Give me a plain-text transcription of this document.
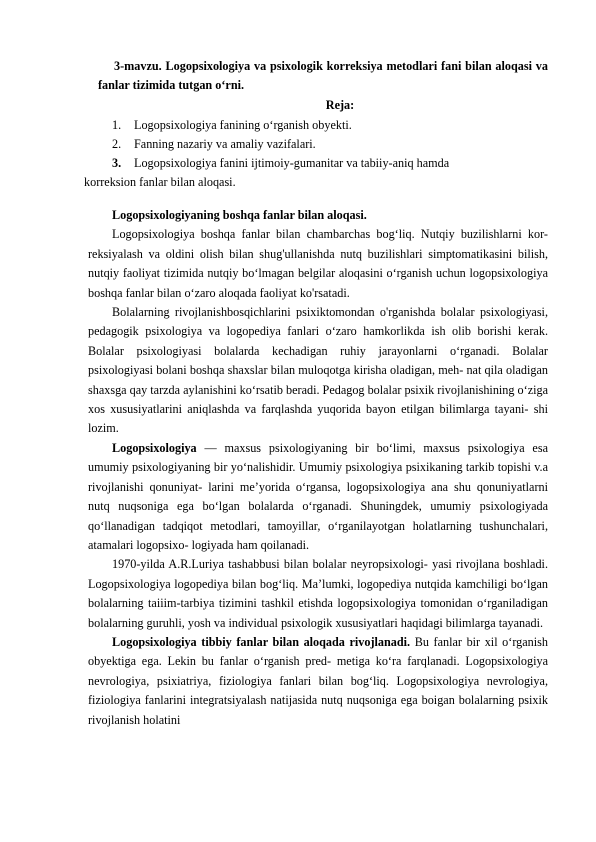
3-mavzu. Logopsixologiya va psixologik korreksiya metodlari fani bilan aloqasi va fanlar tizimida tutgan o‘rni.
Reja:
1.	Logopsixologiya fanining o‘rganish obyekti.
2.	Fanning nazariy va amaliy vazifalari.
3.	Logopsixologiya fanini ijtimoiy-gumanitar va tabiiy-aniq hamda
korreksion fanlar bilan aloqasi.

Logopsixologiyaning boshqa fanlar bilan aloqasi.

Logopsixologiya boshqa fanlar bilan chambarchas bog‘liq. Nutqiy buzilishlarni kor- reksiyalash va oldini olish bilan shug'ullanishda nutq buzilishlari simptomatikasini bilish, nutqiy faoliyat tizimida nutqiy bo‘lmagan belgilar aloqasini o‘rganish uchun logopsixologiya boshqa fanlar bilan o‘zaro aloqada faoliyat ko'rsatadi.

Bolalarning rivojlanishbosqichlarini psixiktomondan o'rganishda bolalar psixologiyasi, pedagogik psixologiya va logopediya fanlari o‘zaro hamkorlikda ish olib borishi kerak. Bolalar psixologiyasi bolalarda kechadigan ruhiy jarayonlarni o‘rganadi. Bolalar psixologiyasi bolani boshqa shaxslar bilan muloqotga kirisha oladigan, meh- nat qila oladigan shaxsga qay tarzda aylanishini ko‘rsatib beradi. Pedagog bolalar psixik rivojlanishining o‘ziga xos xususiyatlarini aniqlashda va farqlashda yuqorida bayon etilgan bilimlarga tayani- shi lozim.

Logopsixologiya — maxsus psixologiyaning bir bo‘limi, maxsus psixologiya esa umumiy psixologiyaning bir yo‘nalishidir. Umumiy psixologiya psixikaning tarkib topishi v.a rivojlanishi qonuniyat- larini me’yorida o‘rgansa, logopsixologiya ana shu qonuniyatlarni nutq nuqsoniga ega bo‘lgan bolalarda o‘rganadi. Shuningdek, umumiy psixologiyada qo‘llanadigan tadqiqot metodlari, tamoyillar, o‘rganilayotgan holatlarning tushunchalari, atamalari logopsixo- logiyada ham qoilanadi.

1970-yilda A.R.Luriya tashabbusi bilan bolalar neyropsixologi- yasi rivojlana boshladi. Logopsixologiya logopediya bilan bog‘liq. Ma’lumki, logopediya nutqida kamchiligi bo‘lgan bolalarning taiiim-tarbiya tizimini tashkil etishda logopsixologiya tomonidan o‘rganiladigan bolalarning guruhli, yosh va individual psixologik xususiyatlari haqidagi bilimlarga tayanadi.

Logopsixologiya tibbiy fanlar bilan aloqada rivojlanadi. Bu fanlar bir xil o‘rganish obyektiga ega. Lekin bu fanlar o‘rganish pred- metiga ko‘ra farqlanadi. Logopsixologiya nevrologiya, psixiatriya, fiziologiya fanlari bilan bog‘liq. Logopsixologiya nevrologiya, fiziologiya fanlarini integratsiyalash natijasida nutq nuqsoniga ega boigan bolalarning psixik rivojlanish holatini
